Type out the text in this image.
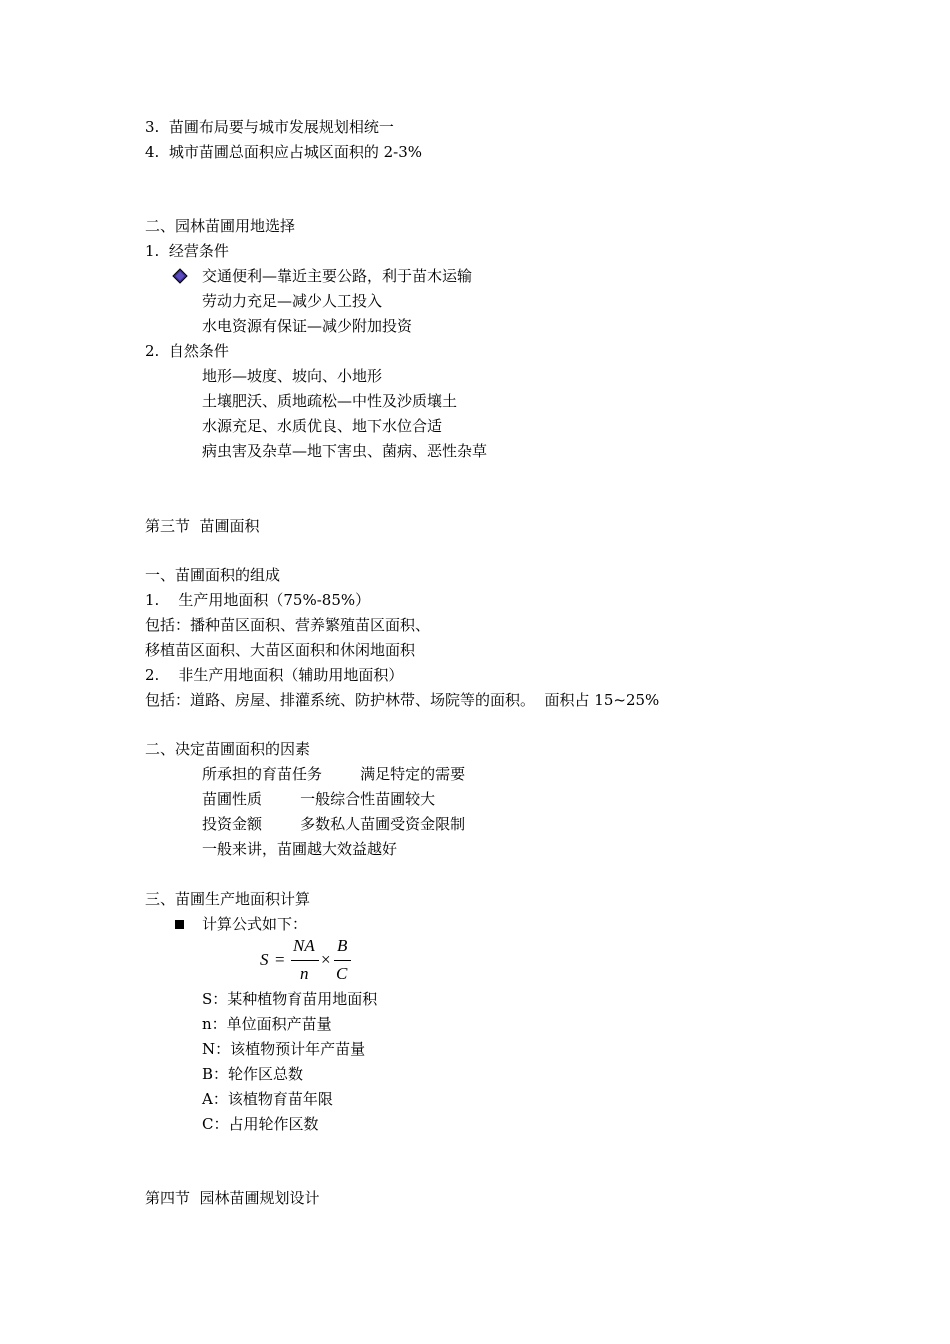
3.  苗圃布局要与城市发展规划相统一
4.  城市苗圃总面积应占城区面积的 2-3%
二、园林苗圃用地选择
1.  经营条件
交通便利—靠近主要公路，利于苗木运输
劳动力充足—减少人工投入
水电资源有保证—减少附加投资
2.  自然条件
地形—坡度、坡向、小地形
土壤肥沃、质地疏松—中性及沙质壤土
水源充足、水质优良、地下水位合适
病虫害及杂草—地下害虫、菌病、恶性杂草
第三节  苗圃面积
一、苗圃面积的组成
1.    生产用地面积（75%-85%）
包括：播种苗区面积、营养繁殖苗区面积、
移植苗区面积、大苗区面积和休闲地面积
2.    非生产用地面积（辅助用地面积）
包括：道路、房屋、排灌系统、防护林带、场院等的面积。  面积占 15~25%
二、决定苗圃面积的因素
所承担的育苗任务        满足特定的需要
苗圃性质        一般综合性苗圃较大
投资金额        多数私人苗圃受资金限制
一般来讲，苗圃越大效益越好
三、苗圃生产地面积计算
计算公式如下：
S =
NA
n
×
B
C
S：某种植物育苗用地面积
n：单位面积产苗量
N：该植物预计年产苗量
B：轮作区总数
A：该植物育苗年限
C：占用轮作区数
第四节  园林苗圃规划设计
